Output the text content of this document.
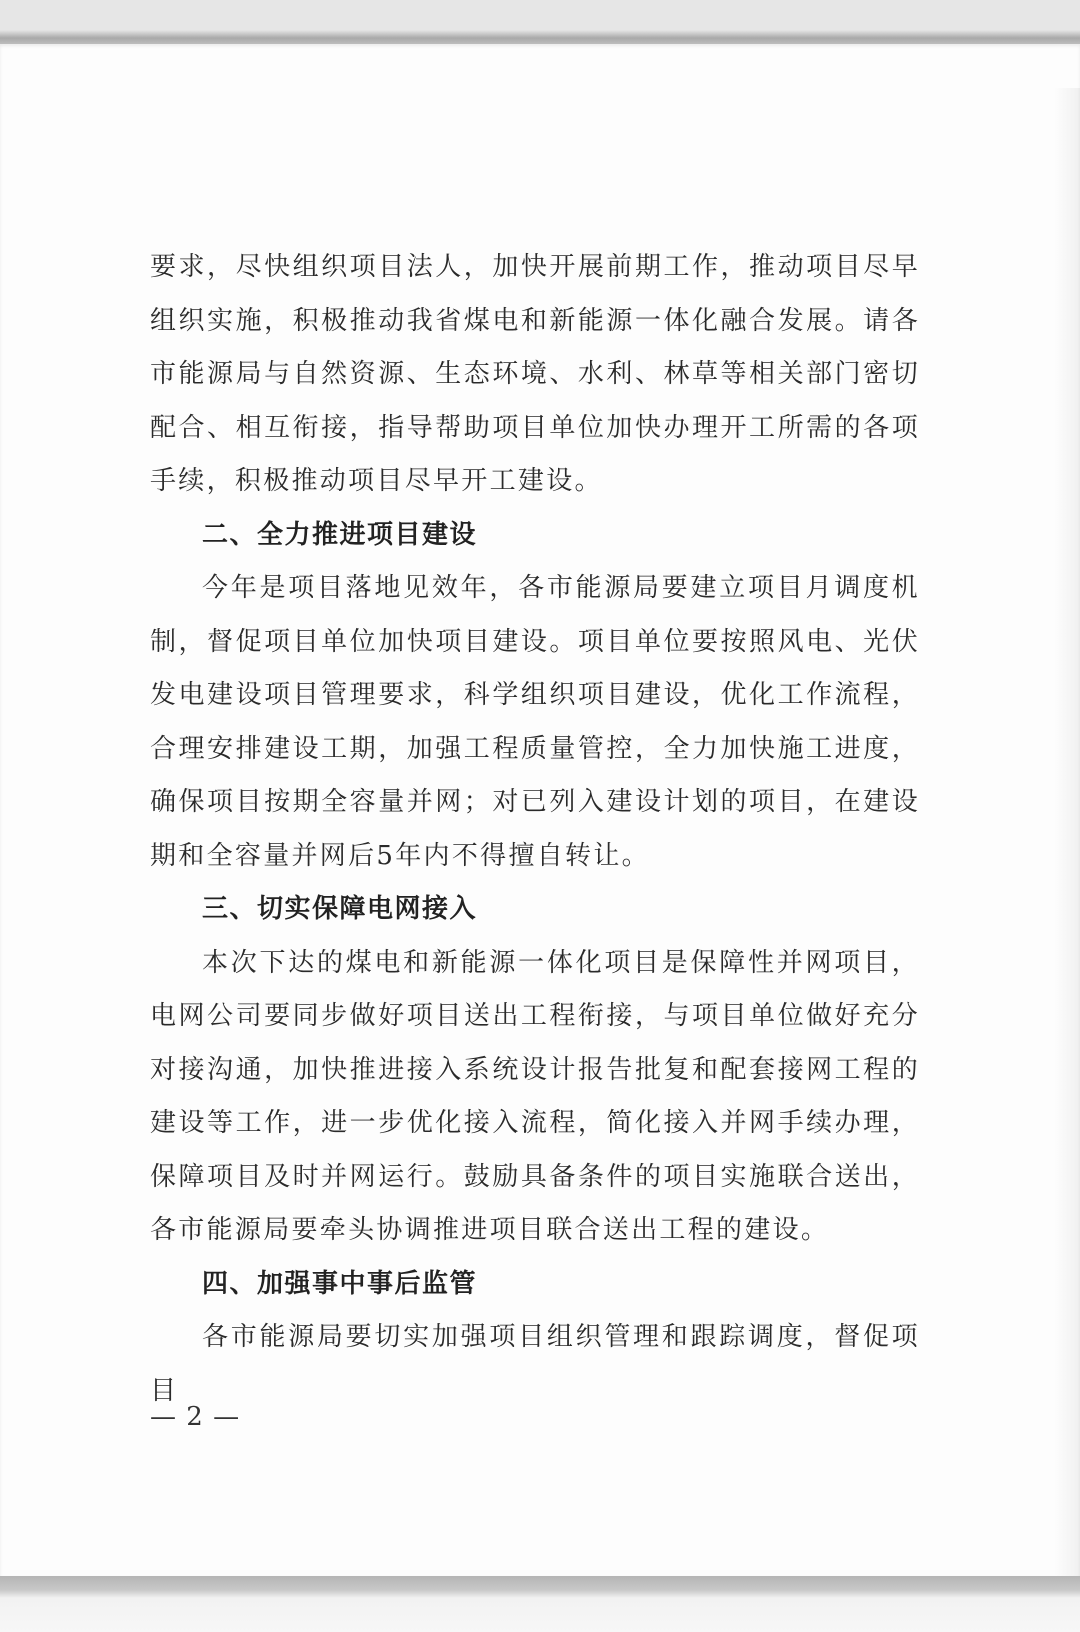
要求，尽快组织项目法人，加快开展前期工作，推动项目尽早组织实施，积极推动我省煤电和新能源一体化融合发展。请各市能源局与自然资源、生态环境、水利、林草等相关部门密切配合、相互衔接，指导帮助项目单位加快办理开工所需的各项手续，积极推动项目尽早开工建设。

二、全力推进项目建设

今年是项目落地见效年，各市能源局要建立项目月调度机制，督促项目单位加快项目建设。项目单位要按照风电、光伏发电建设项目管理要求，科学组织项目建设，优化工作流程，合理安排建设工期，加强工程质量管控，全力加快施工进度，确保项目按期全容量并网；对已列入建设计划的项目，在建设期和全容量并网后5年内不得擅自转让。

三、切实保障电网接入

本次下达的煤电和新能源一体化项目是保障性并网项目，电网公司要同步做好项目送出工程衔接，与项目单位做好充分对接沟通，加快推进接入系统设计报告批复和配套接网工程的建设等工作，进一步优化接入流程，简化接入并网手续办理，保障项目及时并网运行。鼓励具备条件的项目实施联合送出，各市能源局要牵头协调推进项目联合送出工程的建设。

四、加强事中事后监管

各市能源局要切实加强项目组织管理和跟踪调度，督促项目

— 2 —
